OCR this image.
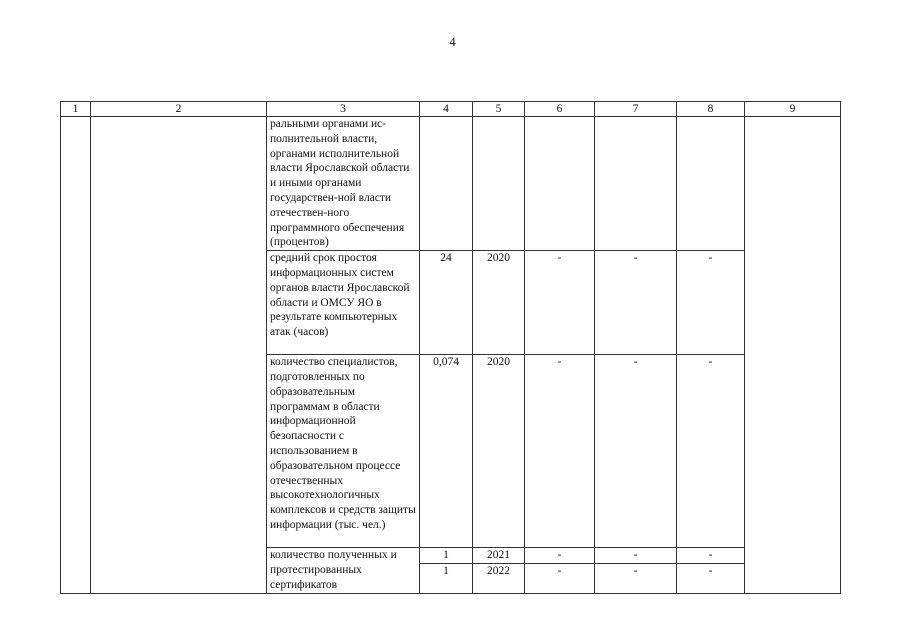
4
1	2	3	4	5	6	7	8	9
		ральными органами ис-полнительной власти, органами исполнительной власти Ярославской области и иными органами государствен-ной власти отечествен-ного программного обеспечения (процентов)						
		средний срок простоя информационных систем органов власти Ярославской области и ОМСУ ЯО в результате компьютерных атак (часов)	24	2020	-	-	-	
		количество специалистов, подготовленных по образовательным программам в области информационной безопасности с использованием в образовательном процессе отечественных высокотехнологичных комплексов и средств защиты информации (тыс. чел.)	0,074	2020	-	-	-	
		количество полученных и протестированных сертификатов	1	2021	-	-	-	
			1	2022	-	-	-	
